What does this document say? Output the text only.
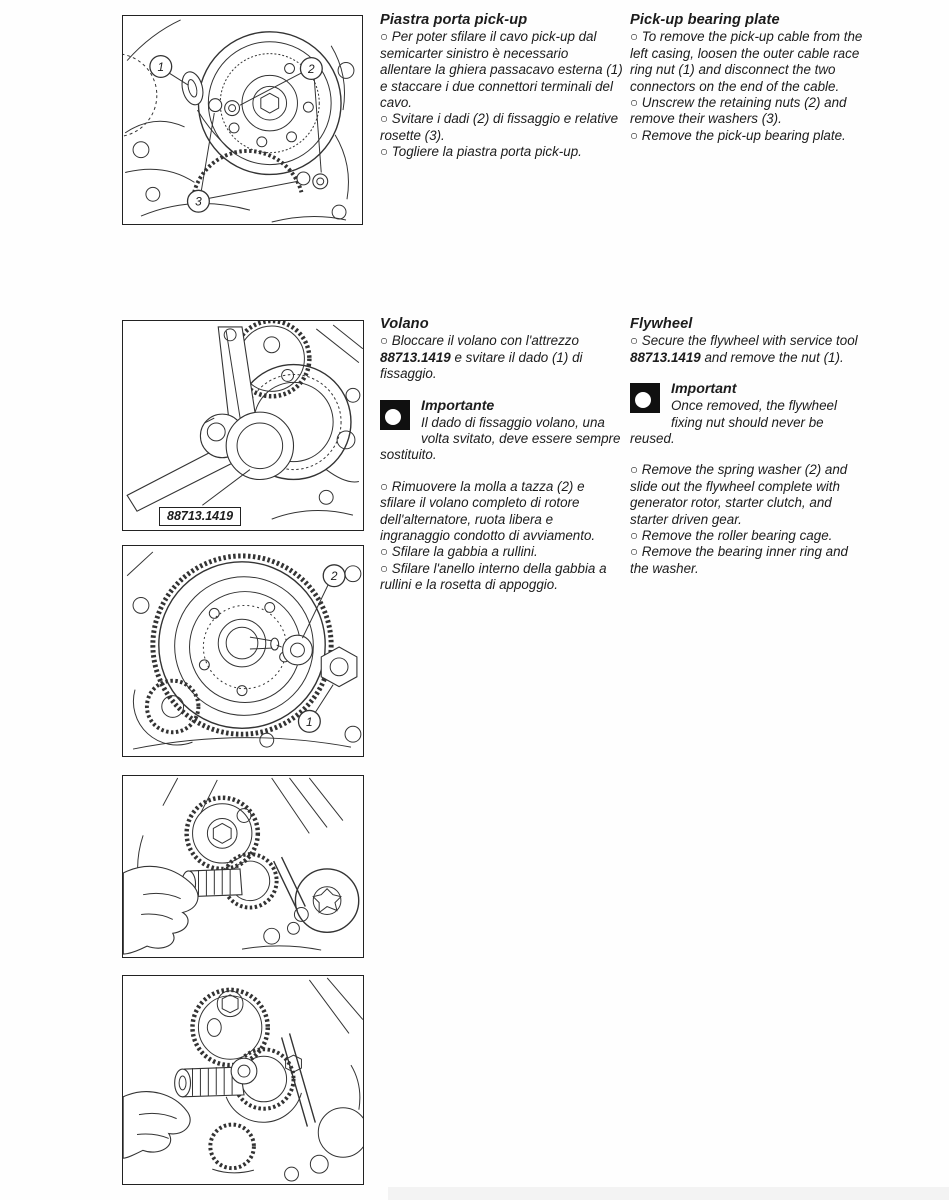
1	2
3
88713.1419
2
1
Piastra porta pick-up

○ Per poter sfilare il cavo pick-up dal semicarter sinistro è necessario allentare la ghiera passacavo esterna (1) e staccare i due connettori terminali del cavo.

○ Svitare i dadi (2) di fissaggio e relative rosette (3).

○ Togliere la piastra porta pick-up.

Pick-up bearing plate

○ To remove the pick-up cable from the left casing, loosen the outer cable race ring nut (1) and disconnect the two connectors on the end of the cable.

○ Unscrew the retaining nuts (2) and remove their washers (3).

○ Remove the pick-up bearing plate.

Volano

○ Bloccare il volano con l'attrezzo 88713.1419 e svitare il dado (1) di fissaggio.

Importante
Il dado di fissaggio volano, una volta svitato, deve essere sempre sostituito.

○ Rimuovere la molla a tazza (2) e sfilare il volano completo di rotore dell'alternatore, ruota libera e ingranaggio condotto di avviamento.

○ Sfilare la gabbia a rullini.

○ Sfilare l'anello interno della gabbia a rullini e la rosetta di appoggio.

Flywheel

○ Secure the flywheel with service tool 88713.1419 and remove the nut (1).

Important
Once removed, the flywheel fixing nut should never be reused.

○ Remove the spring washer (2) and slide out the flywheel complete with generator rotor, starter clutch, and starter driven gear.

○ Remove the roller bearing cage.

○ Remove the bearing inner ring and the washer.
